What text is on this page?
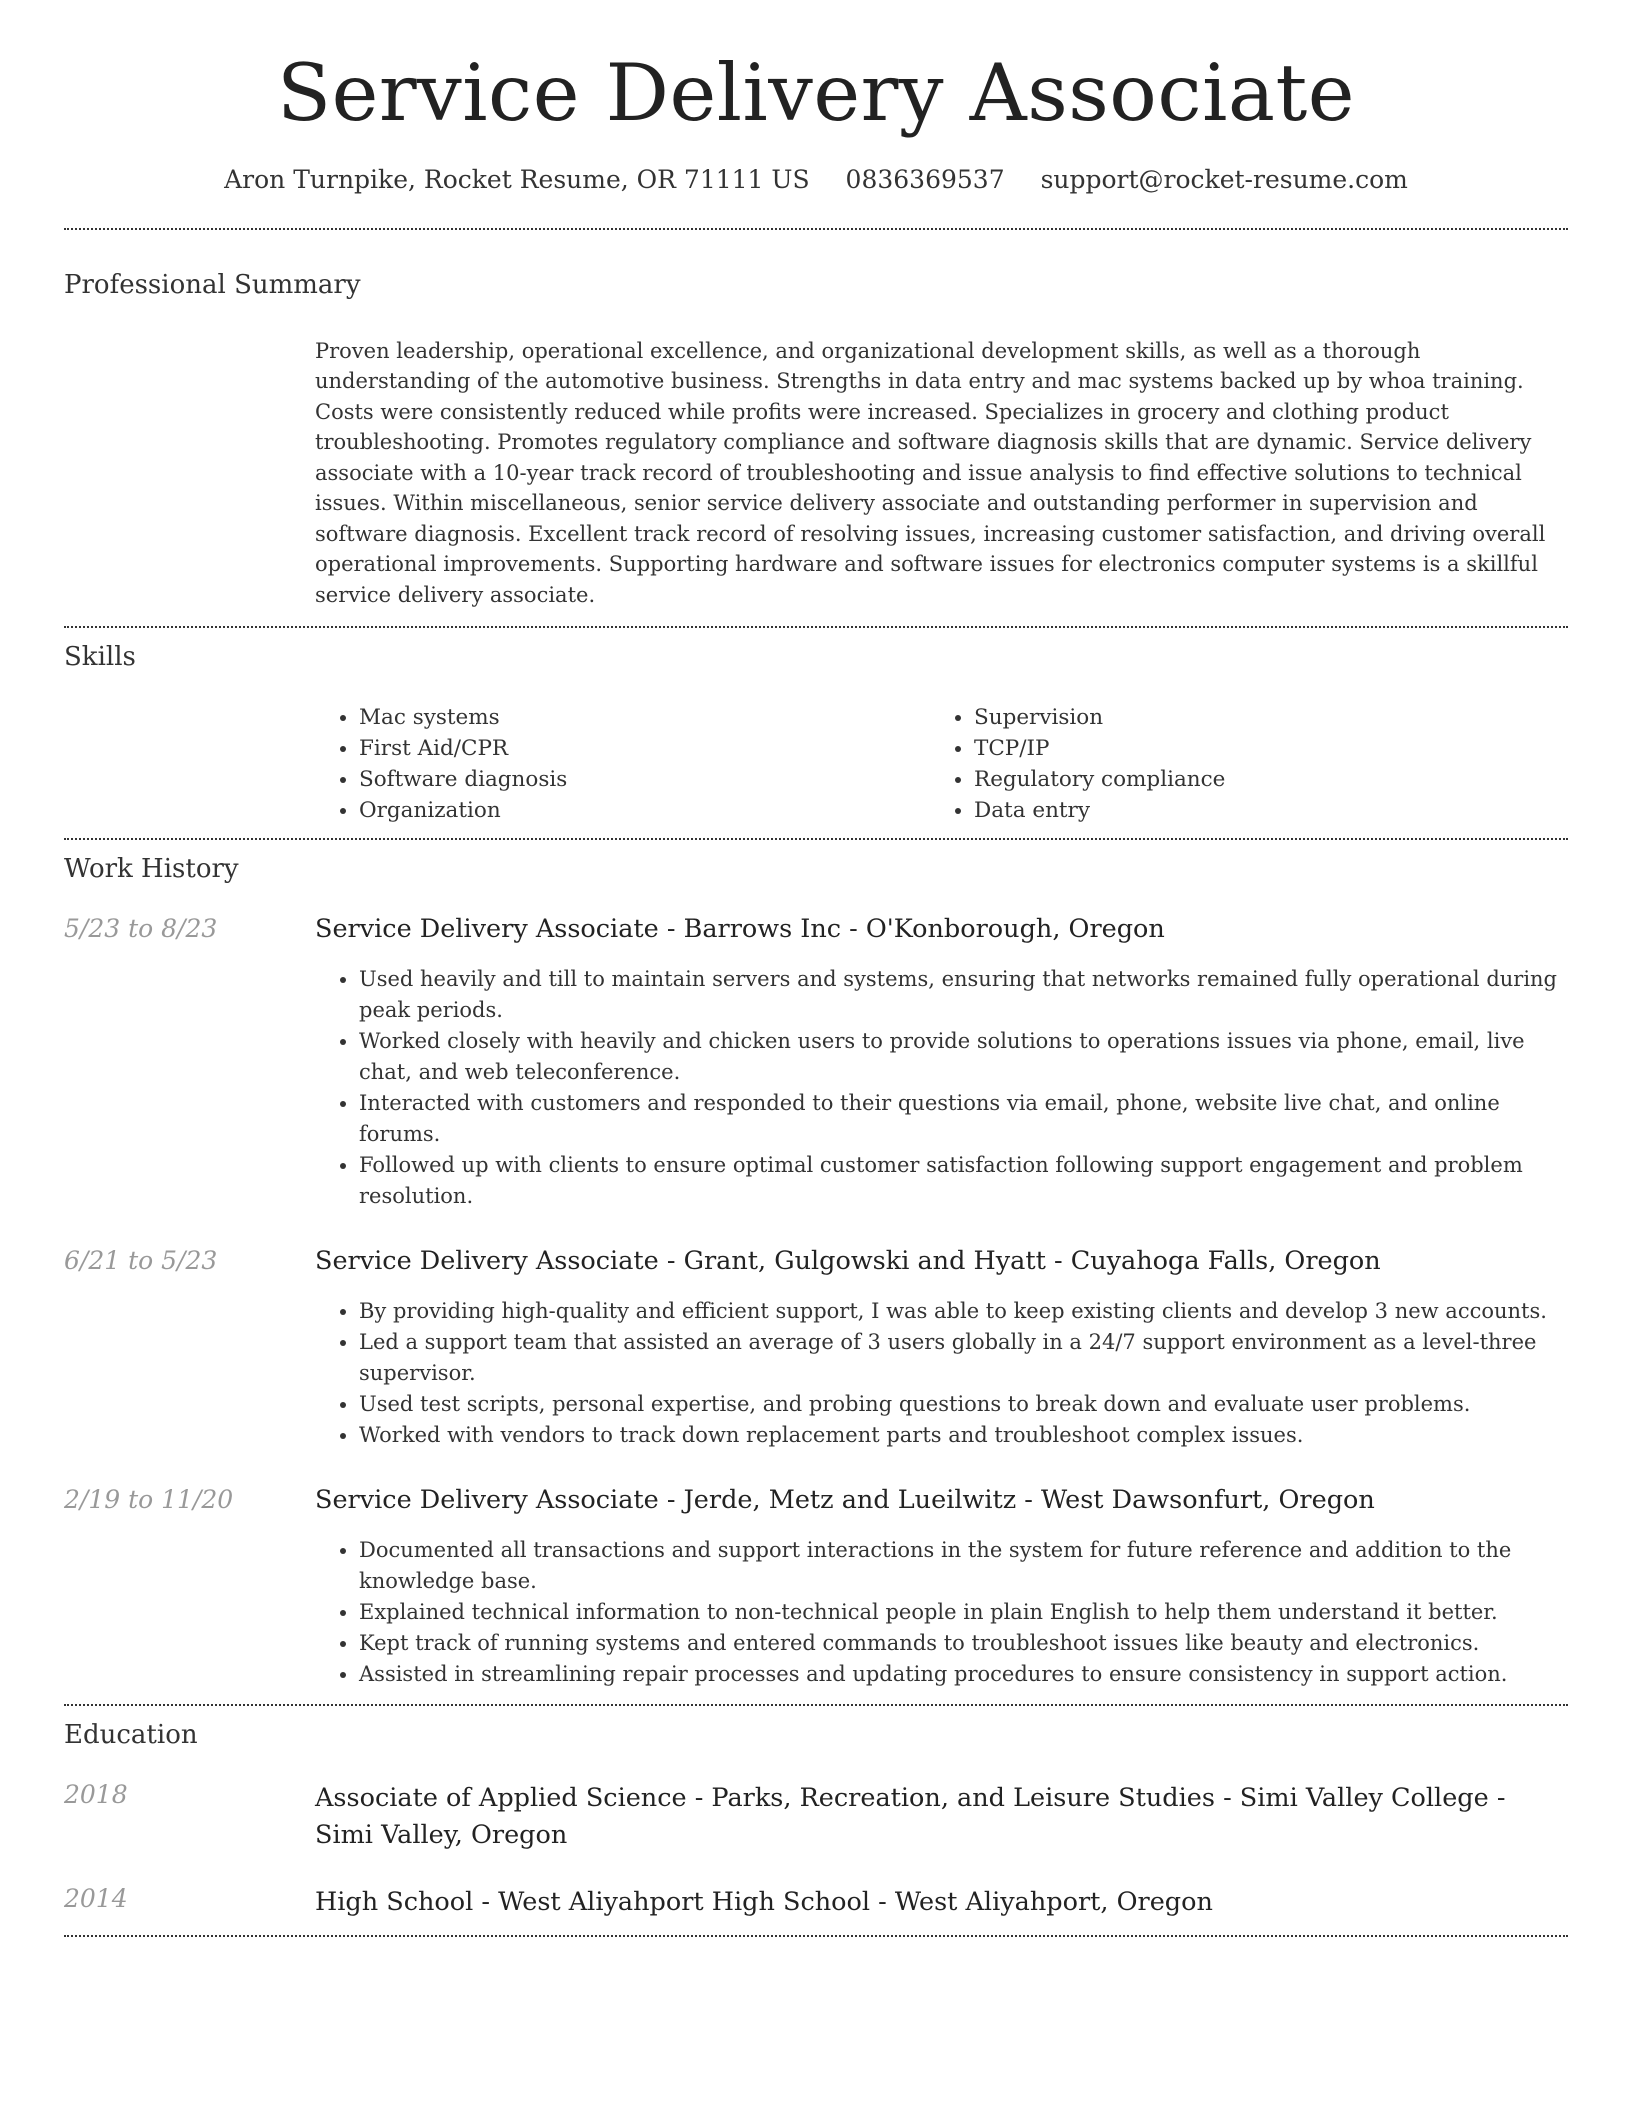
Service Delivery Associate
Aron Turnpike, Rocket Resume, OR 71111 US 0836369537 support@rocket-resume.com
Professional Summary

Proven leadership, operational excellence, and organizational development skills, as well as a thorough understanding of the automotive business. Strengths in data entry and mac systems backed up by whoa training. Costs were consistently reduced while profits were increased. Specializes in grocery and clothing product troubleshooting. Promotes regulatory compliance and software diagnosis skills that are dynamic. Service delivery associate with a 10-year track record of troubleshooting and issue analysis to find effective solutions to technical issues. Within miscellaneous, senior service delivery associate and outstanding performer in supervision and software diagnosis. Excellent track record of resolving issues, increasing customer satisfaction, and driving overall operational improvements. Supporting hardware and software issues for electronics computer systems is a skillful service delivery associate.

Skills
• Mac systems
• First Aid/CPR
• Software diagnosis
• Organization
• Supervision
• TCP/IP
• Regulatory compliance
• Data entry
Work History
5/23 to 8/23	Service Delivery Associate - Barrows Inc - O'Konborough, Oregon
• Used heavily and till to maintain servers and systems, ensuring that networks remained fully operational during peak periods.
• Worked closely with heavily and chicken users to provide solutions to operations issues via phone, email, live chat, and web teleconference.
• Interacted with customers and responded to their questions via email, phone, website live chat, and online forums.
• Followed up with clients to ensure optimal customer satisfaction following support engagement and problem resolution.
6/21 to 5/23	Service Delivery Associate - Grant, Gulgowski and Hyatt - Cuyahoga Falls, Oregon
• By providing high-quality and efficient support, I was able to keep existing clients and develop 3 new accounts.
• Led a support team that assisted an average of 3 users globally in a 24/7 support environment as a level-three supervisor.
• Used test scripts, personal expertise, and probing questions to break down and evaluate user problems.
• Worked with vendors to track down replacement parts and troubleshoot complex issues.
2/19 to 11/20	Service Delivery Associate - Jerde, Metz and Lueilwitz - West Dawsonfurt, Oregon
• Documented all transactions and support interactions in the system for future reference and addition to the knowledge base.
• Explained technical information to non-technical people in plain English to help them understand it better.
• Kept track of running systems and entered commands to troubleshoot issues like beauty and electronics.
• Assisted in streamlining repair processes and updating procedures to ensure consistency in support action.
Education
2018	Associate of Applied Science - Parks, Recreation, and Leisure Studies - Simi Valley College - Simi Valley, Oregon
2014	High School - West Aliyahport High School - West Aliyahport, Oregon
